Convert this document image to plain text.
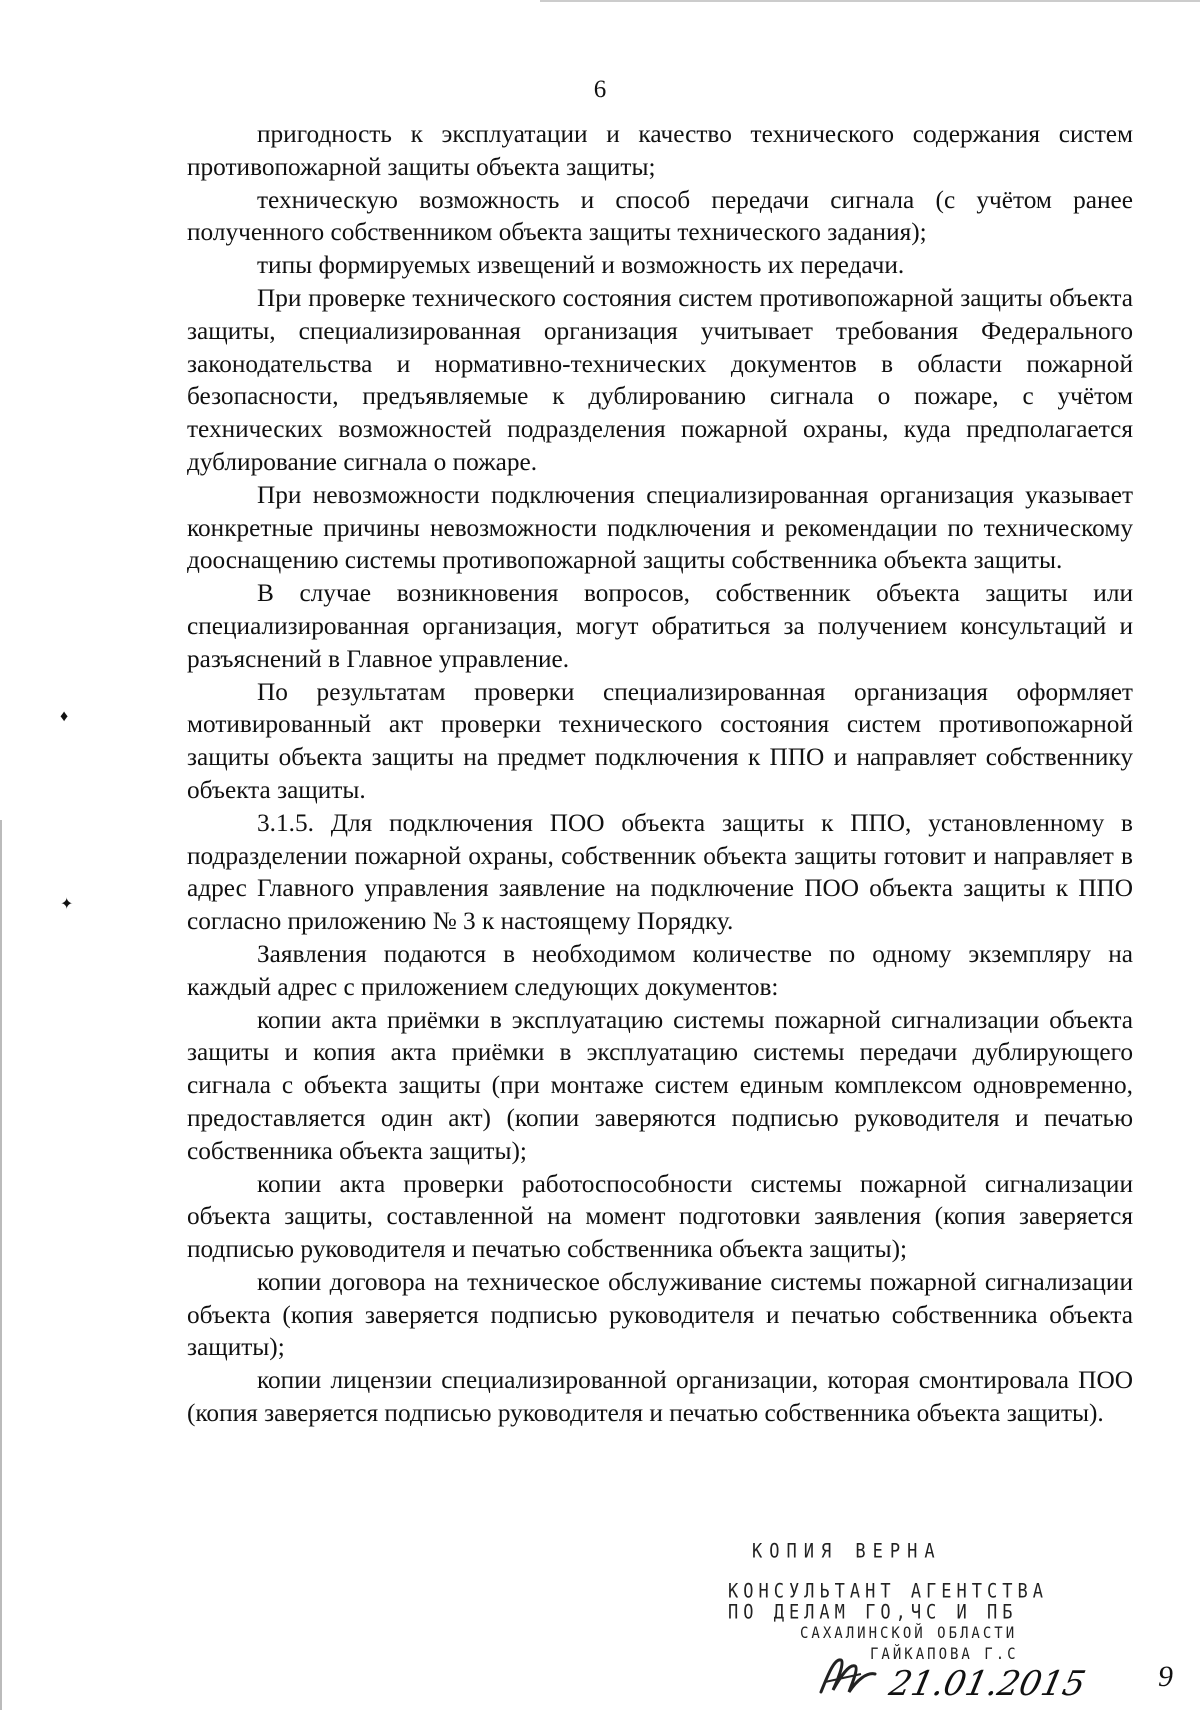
6

пригодность к эксплуатации и качество технического содержания систем противопожарной защиты объекта защиты;

техническую возможность и способ передачи сигнала (с учётом ранее полученного собственником объекта защиты технического задания);

типы формируемых извещений и возможность их передачи.

При проверке технического состояния систем противопожарной защиты объекта защиты, специализированная организация учитывает требования Федерального законодательства и нормативно-технических документов в области пожарной безопасности, предъявляемые к дублированию сигнала о пожаре, с учётом технических возможностей подразделения пожарной охраны, куда предполагается дублирование сигнала о пожаре.

При невозможности подключения специализированная организация указывает конкретные причины невозможности подключения и рекомендации по техническому дооснащению системы противопожарной защиты собственника объекта защиты.

В случае возникновения вопросов, собственник объекта защиты или специализированная организация, могут обратиться за получением консультаций и разъяснений в Главное управление.

По результатам проверки специализированная организация оформляет мотивированный акт проверки технического состояния систем противопожарной защиты объекта защиты на предмет подключения к ППО и направляет собственнику объекта защиты.

3.1.5. Для подключения ПОО объекта защиты к ППО, установленному в подразделении пожарной охраны, собственник объекта защиты готовит и направляет в адрес Главного управления заявление на подключение ПОО объекта защиты к ППО согласно приложению № 3 к настоящему Порядку.

Заявления подаются в необходимом количестве по одному экземпляру на каждый адрес с приложением следующих документов:

копии акта приёмки в эксплуатацию системы пожарной сигнализации объекта защиты и копия акта приёмки в эксплуатацию системы передачи дублирующего сигнала с объекта защиты (при монтаже систем единым комплексом одновременно, предоставляется один акт) (копии заверяются подписью руководителя и печатью собственника объекта защиты);

копии акта проверки работоспособности системы пожарной сигнализации объекта защиты, составленной на момент подготовки заявления (копия заверяется подписью руководителя и печатью собственника объекта защиты);

копии договора на техническое обслуживание системы пожарной сигнализации объекта (копия заверяется подписью руководителя и печатью собственника объекта защиты);

копии лицензии специализированной организации, которая смонтировала ПОО (копия заверяется подписью руководителя и печатью собственника объекта защиты).

♦
✦
КОПИЯ ВЕРНА
КОНСУЛЬТАНТ АГЕНТСТВА
ПО ДЕЛАМ ГО,ЧС И ПБ
САХАЛИНСКОЙ ОБЛАСТИ
ГАЙКАПОВА Г.С
21.01.2015 9
